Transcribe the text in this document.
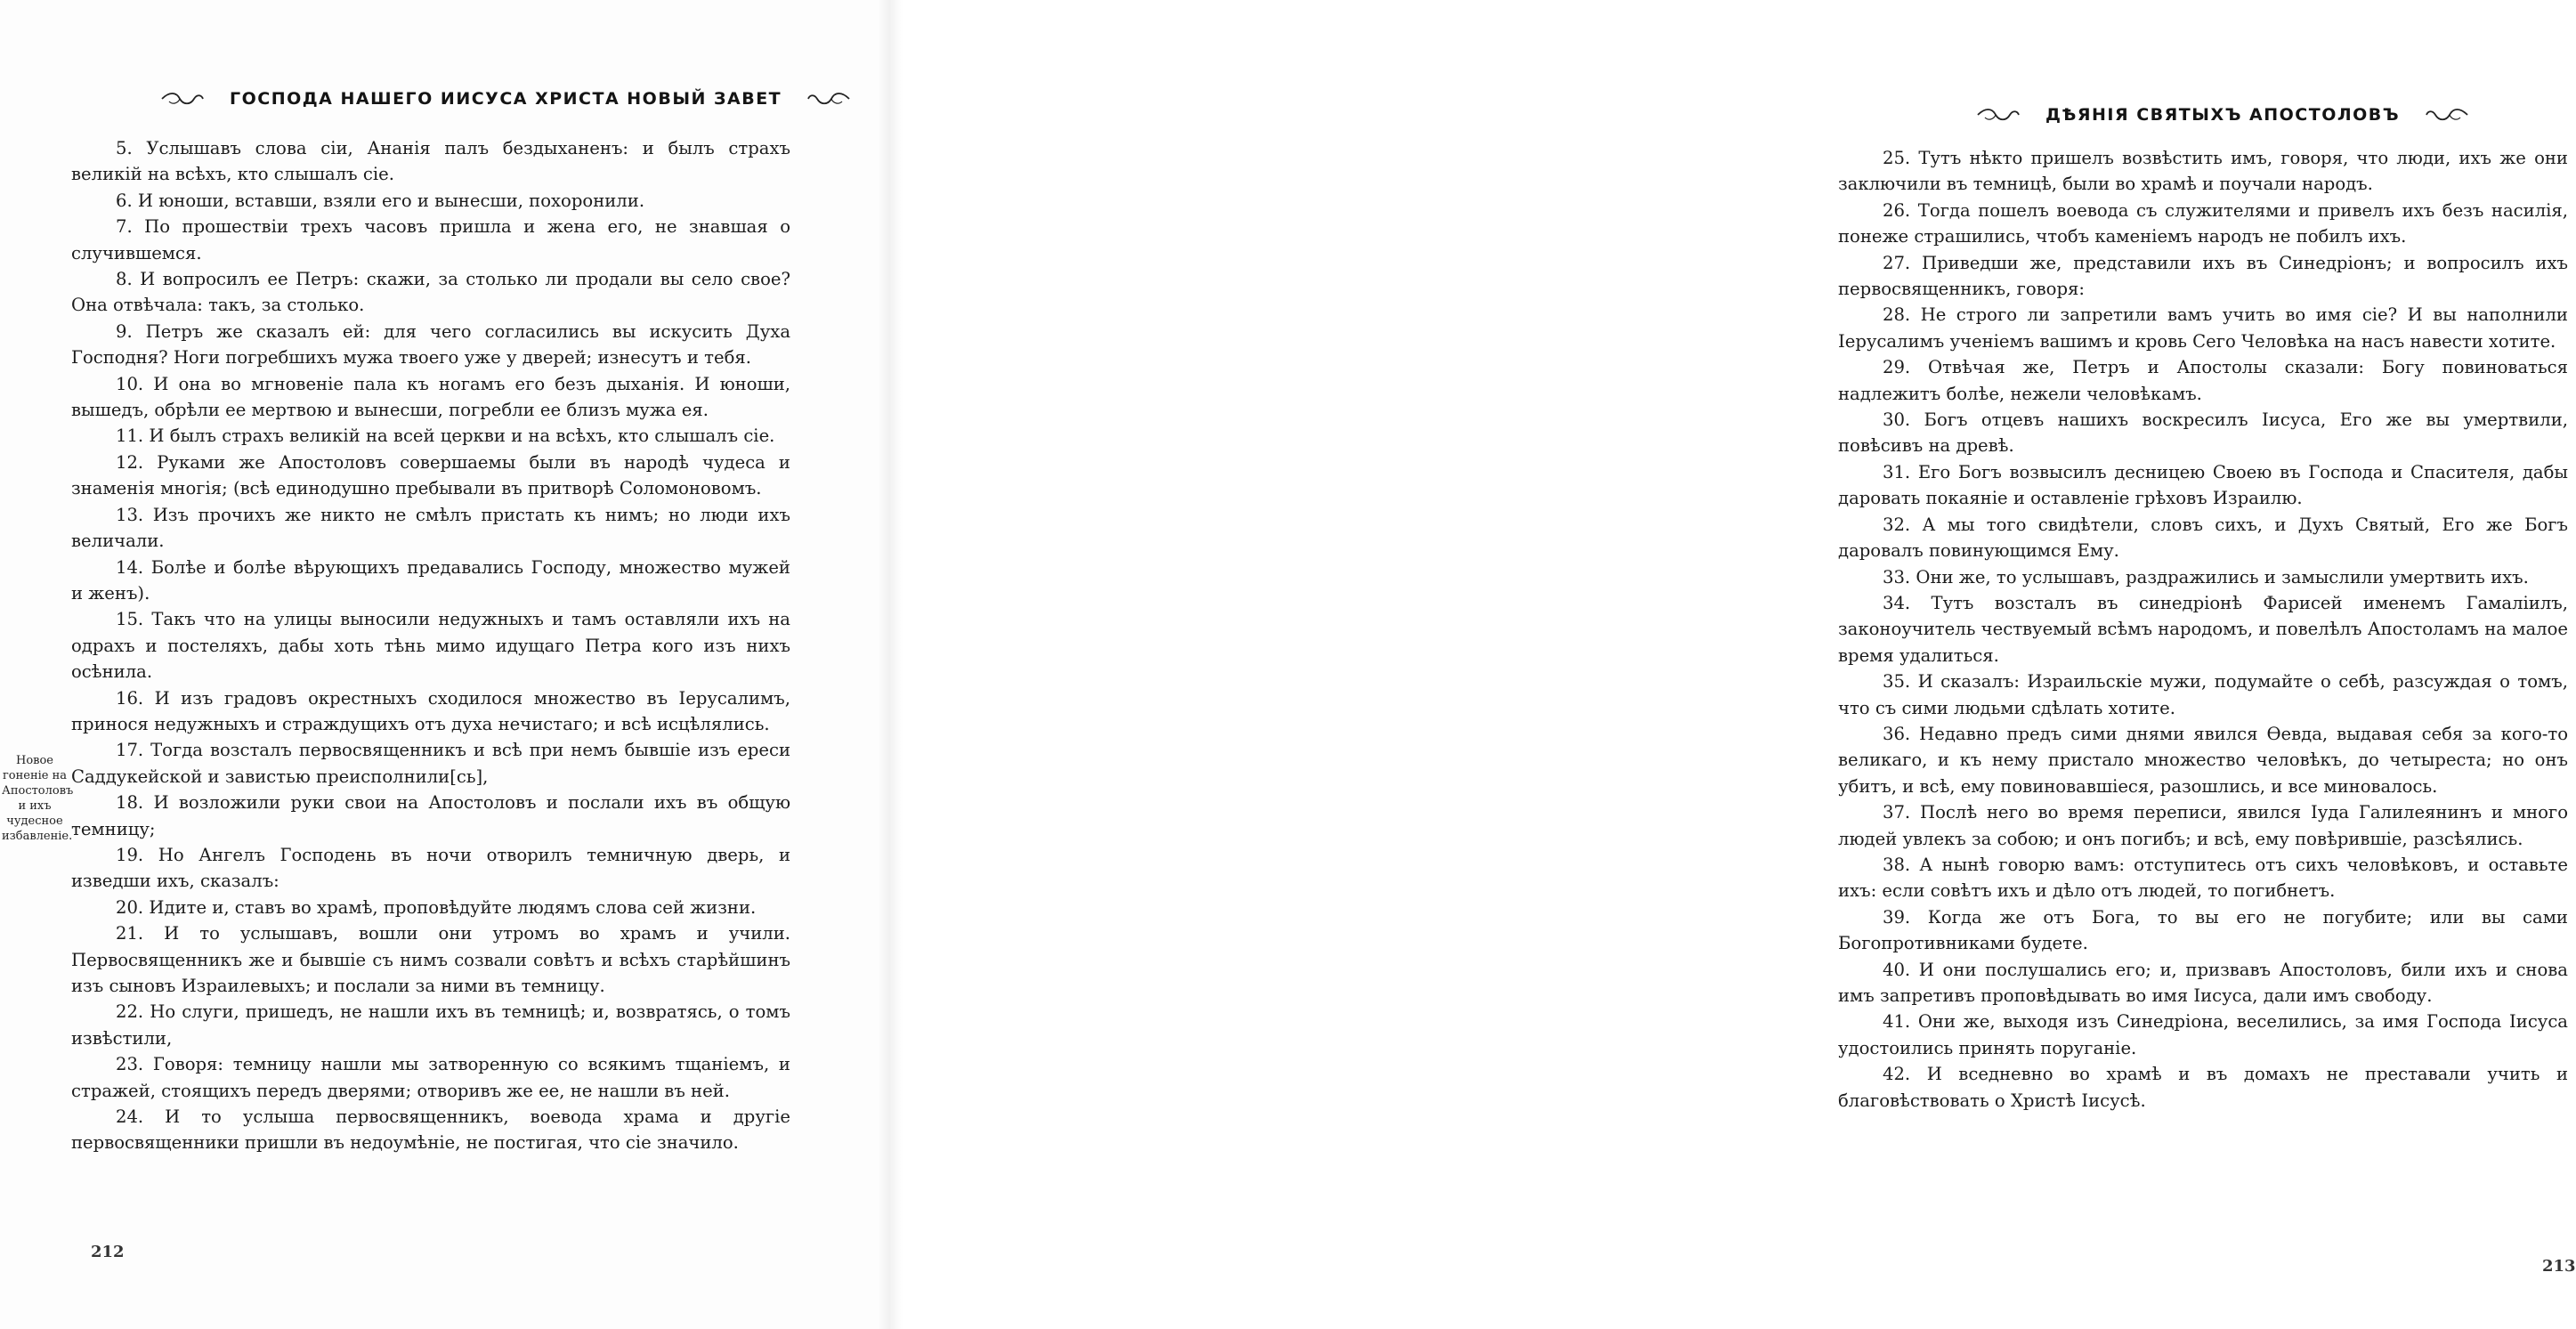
ГОСПОДА НАШЕГО ИИСУСА ХРИСТА НОВЫЙ ЗАВЕТ

5. Услышавъ слова сіи, Ананія палъ бездыханенъ: и былъ страхъ великій на всѣхъ, кто слышалъ сіе.

6. И юноши, вставши, взяли его и вынесши, похоронили.

7. По прошествіи трехъ часовъ пришла и жена его, не знавшая о случившемся.

8. И вопросилъ ее Петръ: скажи, за столько ли продали вы село свое? Она отвѣчала: такъ, за столько.

9. Петръ же сказалъ ей: для чего согласились вы искусить Духа Господня? Ноги погребшихъ мужа твоего уже у дверей; изнесутъ и тебя.

10. И она во мгновеніе пала къ ногамъ его безъ дыханія. И юноши, вышедъ, обрѣли ее мертвою и вынесши, погребли ее близъ мужа ея.

11. И былъ страхъ великій на всей церкви и на всѣхъ, кто слышалъ сіе.

12. Руками же Апостоловъ совершаемы были въ народѣ чудеса и знаменія многія; (всѣ единодушно пребывали въ притворѣ Соломоновомъ.

13. Изъ прочихъ же никто не смѣлъ пристать къ нимъ; но люди ихъ величали.

14. Болѣе и болѣе вѣрующихъ предавались Господу, множество мужей и женъ).

15. Такъ что на улицы выносили недужныхъ и тамъ оставляли ихъ на одрахъ и постеляхъ, дабы хоть тѣнь мимо идущаго Петра кого изъ нихъ осѣнила.

16. И изъ градовъ окрестныхъ сходилося множество въ Іерусалимъ, принося недужныхъ и страждущихъ отъ духа нечистаго; и всѣ исцѣлялись.

17. Тогда возсталъ первосвященникъ и всѣ при немъ бывшіе изъ ереси Саддукейской и завистью преисполнили[сь],

18. И возложили руки свои на Апостоловъ и послали ихъ въ общую темницу;

19. Но Ангелъ Господень въ ночи отворилъ темничную дверь, и изведши ихъ, сказалъ:

20. Идите и, ставъ во храмѣ, проповѣдуйте людямъ слова сей жизни.

21. И то услышавъ, вошли они утромъ во храмъ и учили. Первосвященникъ же и бывшіе съ нимъ созвали совѣтъ и всѣхъ старѣйшинъ изъ сыновъ Израилевыхъ; и послали за ними въ темницу.

22. Но слуги, пришедъ, не нашли ихъ въ темницѣ; и, возвратясь, о томъ извѣстили,

23. Говоря: темницу нашли мы затворенную со всякимъ тщаніемъ, и стражей, стоящихъ передъ дверями; отворивъ же ее, не нашли въ ней.

24. И то услыша первосвященникъ, воевода храма и другіе первосвященники пришли въ недоумѣніе, не постигая, что сіе значило.

Новое гоненіе на Апостоловъ и ихъ чудесное избавленіе.
212
ДѢЯНІЯ СВЯТЫХЪ АПОСТОЛОВЪ

25. Тутъ нѣкто пришелъ возвѣстить имъ, говоря, что люди, ихъ же они заключили въ темницѣ, были во храмѣ и поучали народъ.

26. Тогда пошелъ воевода съ служителями и привелъ ихъ безъ насилія, понеже страшились, чтобъ каменіемъ народъ не побилъ ихъ.

27. Приведши же, представили ихъ въ Синедріонъ; и вопросилъ ихъ первосвященникъ, говоря:

28. Не строго ли запретили вамъ учить во имя сіе? И вы наполнили Іерусалимъ ученіемъ вашимъ и кровь Сего Человѣка на насъ навести хотите.

29. Отвѣчая же, Петръ и Апостолы сказали: Богу повиноваться надлежитъ болѣе, нежели человѣкамъ.

30. Богъ отцевъ нашихъ воскресилъ Іисуса, Его же вы умертвили, повѣсивъ на древѣ.

31. Его Богъ возвысилъ десницею Своею въ Господа и Спасителя, дабы даровать покаяніе и оставленіе грѣховъ Израилю.

32. А мы того свидѣтели, словъ сихъ, и Духъ Святый, Его же Богъ даровалъ повинующимся Ему.

33. Они же, то услышавъ, раздражились и замыслили умертвить ихъ.

34. Тутъ возсталъ въ синедріонѣ Фарисей именемъ Гамаліилъ, законоучитель чествуемый всѣмъ народомъ, и повелѣлъ Апостоламъ на малое время удалиться.

35. И сказалъ: Израильскіе мужи, подумайте о себѣ, разсуждая о томъ, что съ сими людьми сдѣлать хотите.

36. Недавно предъ сими днями явился Ѳевда, выдавая себя за кого-то великаго, и къ нему пристало множество человѣкъ, до четыреста; но онъ убитъ, и всѣ, ему повиновавшіеся, разошлись, и все миновалось.

37. Послѣ него во время переписи, явился Іуда Галилеянинъ и много людей увлекъ за собою; и онъ погибъ; и всѣ, ему повѣрившіе, разсѣялись.

38. А нынѣ говорю вамъ: отступитесь отъ сихъ человѣковъ, и оставьте ихъ: если совѣтъ ихъ и дѣло отъ людей, то погибнетъ.

39. Когда же отъ Бога, то вы его не погубите; или вы сами Богопротивниками будете.

40. И они послушались его; и, призвавъ Апостоловъ, били ихъ и снова имъ запретивъ проповѣдывать во имя Іисуса, дали имъ свободу.

41. Они же, выходя изъ Синедріона, веселились, за имя Господа Іисуса удостоились принять поруганіе.

42. И вседневно во храмѣ и въ домахъ не преставали учить и благовѣствовать о Христѣ Іисусѣ.

213
